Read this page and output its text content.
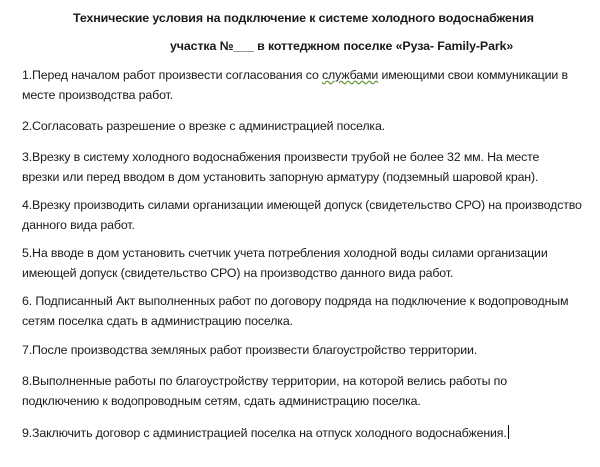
Технические условия на подключение к системе холодного водоснабжения
участка №___ в коттеджном поселке «Руза- Family-Park»
1.Перед началом работ произвести согласования со службами имеющими свои коммуникации в
месте производства работ.
2.Согласовать разрешение о врезке с администрацией поселка.
3.Врезку в систему холодного водоснабжения произвести трубой не более 32 мм. На месте
врезки или перед вводом в дом установить запорную арматуру (подземный шаровой кран).
4.Врезку производить силами организации имеющей допуск (свидетельство СРО) на производство
данного вида работ.
5.На вводе в дом установить счетчик учета потребления холодной воды силами организации
имеющей допуск (свидетельство СРО) на производство данного вида работ.
6. Подписанный Акт выполненных работ по договору подряда на подключение к водопроводным
сетям поселка сдать в администрацию поселка.
7.После производства земляных работ произвести благоустройство территории.
8.Выполненные работы по благоустройству территории, на которой велись работы по
подключению к водопроводным сетям, сдать администрацию поселка.
9.Заключить договор с администрацией поселка на отпуск холодного водоснабжения.
